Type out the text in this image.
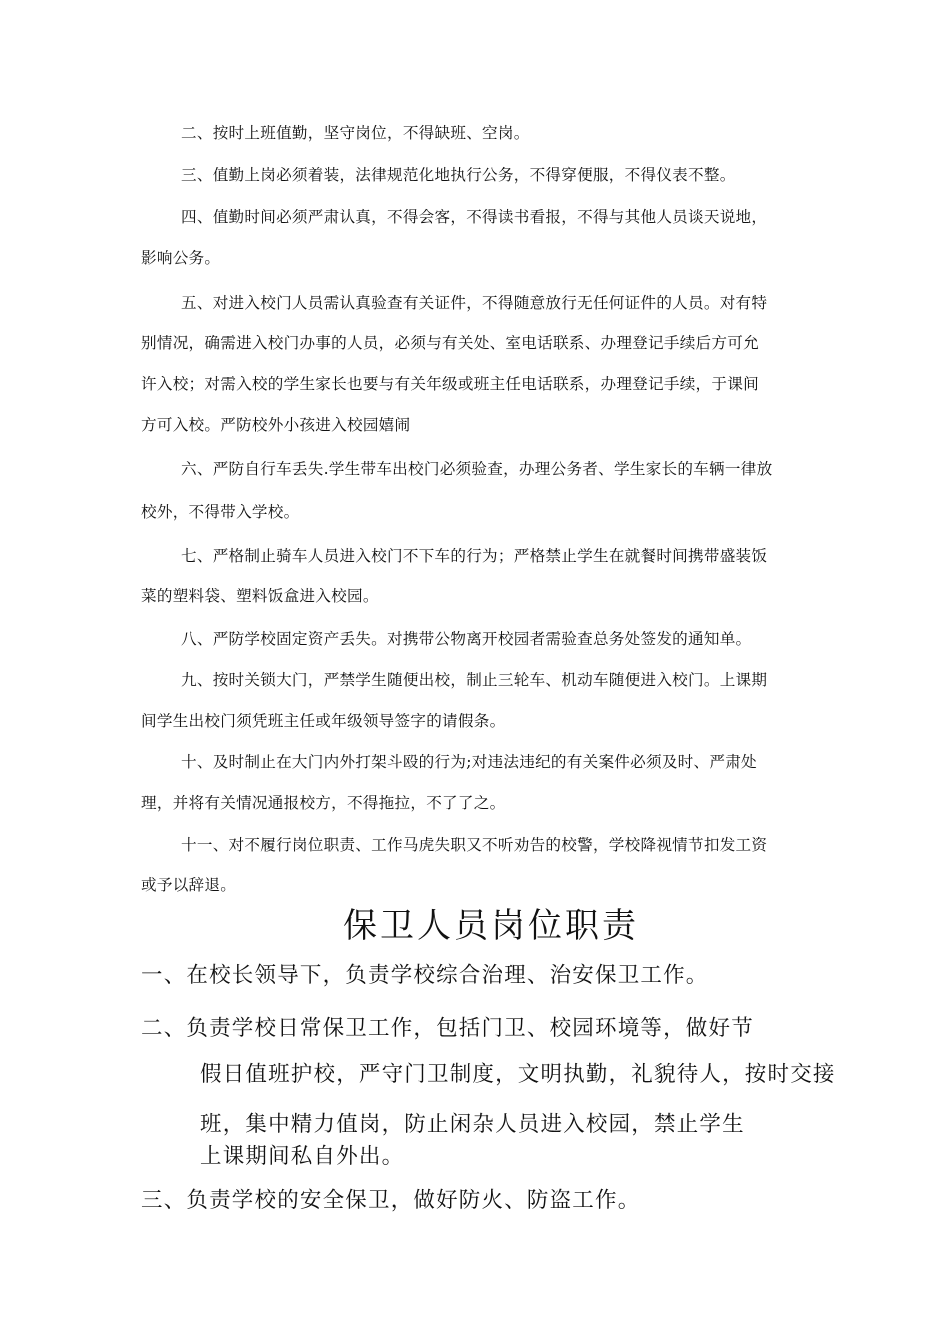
二、按时上班值勤，坚守岗位，不得缺班、空岗。
三、值勤上岗必须着装，法律规范化地执行公务，不得穿便服，不得仪表不整。
四、值勤时间必须严肃认真，不得会客，不得读书看报，不得与其他人员谈天说地，
影响公务。
五、对进入校门人员需认真验查有关证件，不得随意放行无任何证件的人员。对有特
别情况，确需进入校门办事的人员，必须与有关处、室电话联系、办理登记手续后方可允
许入校；对需入校的学生家长也要与有关年级或班主任电话联系，办理登记手续，于课间
方可入校。严防校外小孩进入校园嬉闹
六、严防自行车丢失.学生带车出校门必须验查，办理公务者、学生家长的车辆一律放
校外，不得带入学校。
七、严格制止骑车人员进入校门不下车的行为；严格禁止学生在就餐时间携带盛装饭
菜的塑料袋、塑料饭盒进入校园。
八、严防学校固定资产丢失。对携带公物离开校园者需验查总务处签发的通知单。
九、按时关锁大门，严禁学生随便出校，制止三轮车、机动车随便进入校门。上课期
间学生出校门须凭班主任或年级领导签字的请假条。
十、及时制止在大门内外打架斗殴的行为;对违法违纪的有关案件必须及时、严肃处
理，并将有关情况通报校方，不得拖拉，不了了之。
十一、对不履行岗位职责、工作马虎失职又不听劝告的校警，学校降视情节扣发工资
或予以辞退。
保卫人员岗位职责
一、在校长领导下，负责学校综合治理、治安保卫工作。
二、负责学校日常保卫工作，包括门卫、校园环境等，做好节
假日值班护校，严守门卫制度，文明执勤，礼貌待人，按时交接
班，集中精力值岗，防止闲杂人员进入校园，禁止学生
上课期间私自外出。
三、负责学校的安全保卫，做好防火、防盗工作。
